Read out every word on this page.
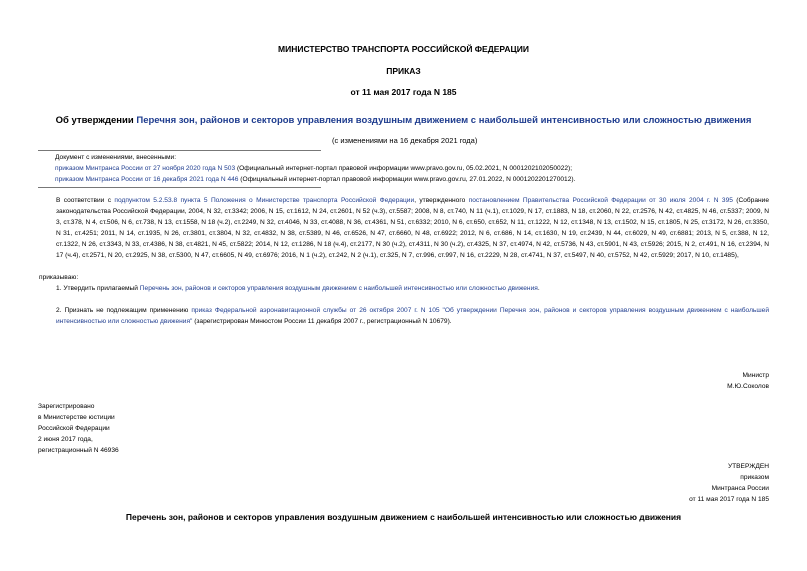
МИНИСТЕРСТВО ТРАНСПОРТА РОССИЙСКОЙ ФЕДЕРАЦИИ
ПРИКАЗ
от 11 мая 2017 года N 185
Об утверждении Перечня зон, районов и секторов управления воздушным движением с наибольшей интенсивностью или сложностью движения
(с изменениями на 16 декабря 2021 года)
Документ с изменениями, внесенными:
приказом Минтранса России от 27 ноября 2020 года N 503 (Официальный интернет-портал правовой информации www.pravo.gov.ru, 05.02.2021, N 0001202102050022);
приказом Минтранса России от 16 декабря 2021 года N 446 (Официальный интернет-портал правовой информации www.pravo.gov.ru, 27.01.2022, N 0001202201270012).
В соответствии с подпунктом 5.2.53.8 пункта 5 Положения о Министерстве транспорта Российской Федерации, утвержденного постановлением Правительства Российской Федерации от 30 июля 2004 г. N 395 (Собрание законодательства Российской Федерации, 2004, N 32, ст.3342; 2006, N 15, ст.1612, N 24, ст.2601, N 52 (ч.3), ст.5587; 2008, N 8, ст.740, N 11 (ч.1), ст.1029, N 17, ст.1883, N 18, ст.2060, N 22, ст.2576, N 42, ст.4825, N 46, ст.5337; 2009, N 3, ст.378, N 4, ст.506, N 6, ст.738, N 13, ст.1558, N 18 (ч.2), ст.2249, N 32, ст.4046, N 33, ст.4088, N 36, ст.4361, N 51, ст.6332; 2010, N 6, ст.650, ст.652, N 11, ст.1222, N 12, ст.1348, N 13, ст.1502, N 15, ст.1805, N 25, ст.3172, N 26, ст.3350, N 31, ст.4251; 2011, N 14, ст.1935, N 26, ст.3801, ст.3804, N 32, ст.4832, N 38, ст.5389, N 46, ст.6526, N 47, ст.6660, N 48, ст.6922; 2012, N 6, ст.686, N 14, ст.1630, N 19, ст.2439, N 44, ст.6029, N 49, ст.6881; 2013, N 5, ст.388, N 12, ст.1322, N 26, ст.3343, N 33, ст.4386, N 38, ст.4821, N 45, ст.5822; 2014, N 12, ст.1286, N 18 (ч.4), ст.2177, N 30 (ч.2), ст.4311, N 30 (ч.2), ст.4325, N 37, ст.4974, N 42, ст.5736, N 43, ст.5901, N 43, ст.5926; 2015, N 2, ст.491, N 16, ст.2394, N 17 (ч.4), ст.2571, N 20, ст.2925, N 38, ст.5300, N 47, ст.6605, N 49, ст.6976; 2016, N 1 (ч.2), ст.242, N 2 (ч.1), ст.325, N 7, ст.996, ст.997, N 16, ст.2229, N 28, ст.4741, N 37, ст.5497, N 40, ст.5752, N 42, ст.5929; 2017, N 10, ст.1485),
приказываю:
1. Утвердить прилагаемый Перечень зон, районов и секторов управления воздушным движением с наибольшей интенсивностью или сложностью движения.
2. Признать не подлежащим применению приказ Федеральной аэронавигационной службы от 26 октября 2007 г. N 105 "Об утверждении Перечня зон, районов и секторов управления воздушным движением с наибольшей интенсивностью или сложностью движения" (зарегистрирован Минюстом России 11 декабря 2007 г., регистрационный N 10679).
Министр
М.Ю.Соколов
Зарегистрировано
в Министерстве юстиции
Российской Федерации
2 июня 2017 года,
регистрационный N 46936
УТВЕРЖДЕН
приказом
Минтранса России
от 11 мая 2017 года N 185
Перечень зон, районов и секторов управления воздушным движением с наибольшей интенсивностью или сложностью движения
